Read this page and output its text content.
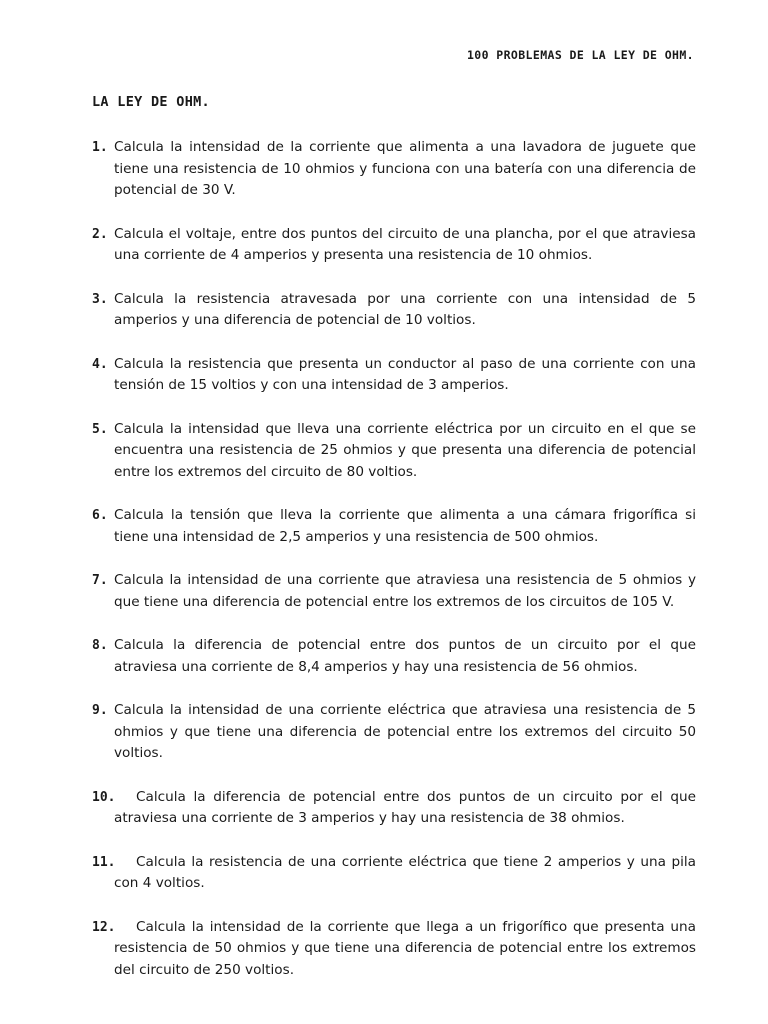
100 PROBLEMAS DE LA LEY DE OHM.
LA LEY DE OHM.
1. Calcula la intensidad de la corriente que alimenta a una lavadora de juguete que tiene una resistencia de 10 ohmios y funciona con una batería con una diferencia de potencial de 30 V.
2. Calcula el voltaje, entre dos puntos del circuito de una plancha, por el que atraviesa una corriente de 4 amperios y presenta una resistencia de 10 ohmios.
3. Calcula la resistencia atravesada por una corriente con una intensidad de 5 amperios y una diferencia de potencial de 10 voltios.
4. Calcula la resistencia que presenta un conductor al paso de una corriente con una tensión de 15 voltios y con una intensidad de 3 amperios.
5. Calcula la intensidad que lleva una corriente eléctrica por un circuito en el que se encuentra una resistencia de 25 ohmios y que presenta una diferencia de potencial entre los extremos del circuito de 80 voltios.
6. Calcula la tensión que lleva la corriente que alimenta a una cámara frigorífica si tiene una intensidad de 2,5 amperios y una resistencia de 500 ohmios.
7. Calcula la intensidad de una corriente que atraviesa una resistencia de 5 ohmios y que tiene una diferencia de potencial entre los extremos de los circuitos de 105 V.
8. Calcula la diferencia de potencial entre dos puntos de un circuito por el que atraviesa una corriente de 8,4 amperios y hay una resistencia de 56 ohmios.
9. Calcula la intensidad de una corriente eléctrica que atraviesa una resistencia de 5 ohmios y que tiene una diferencia de potencial entre los extremos del circuito 50 voltios.
10.	Calcula la diferencia de potencial entre dos puntos de un circuito por el que atraviesa una corriente de 3 amperios y hay una resistencia de 38 ohmios.
11.	Calcula la resistencia de una corriente eléctrica que tiene 2 amperios y una pila con 4 voltios.
12.	Calcula la intensidad de la corriente que llega a un frigorífico que presenta una resistencia de 50 ohmios y que tiene una diferencia de potencial entre los extremos del circuito de 250 voltios.
